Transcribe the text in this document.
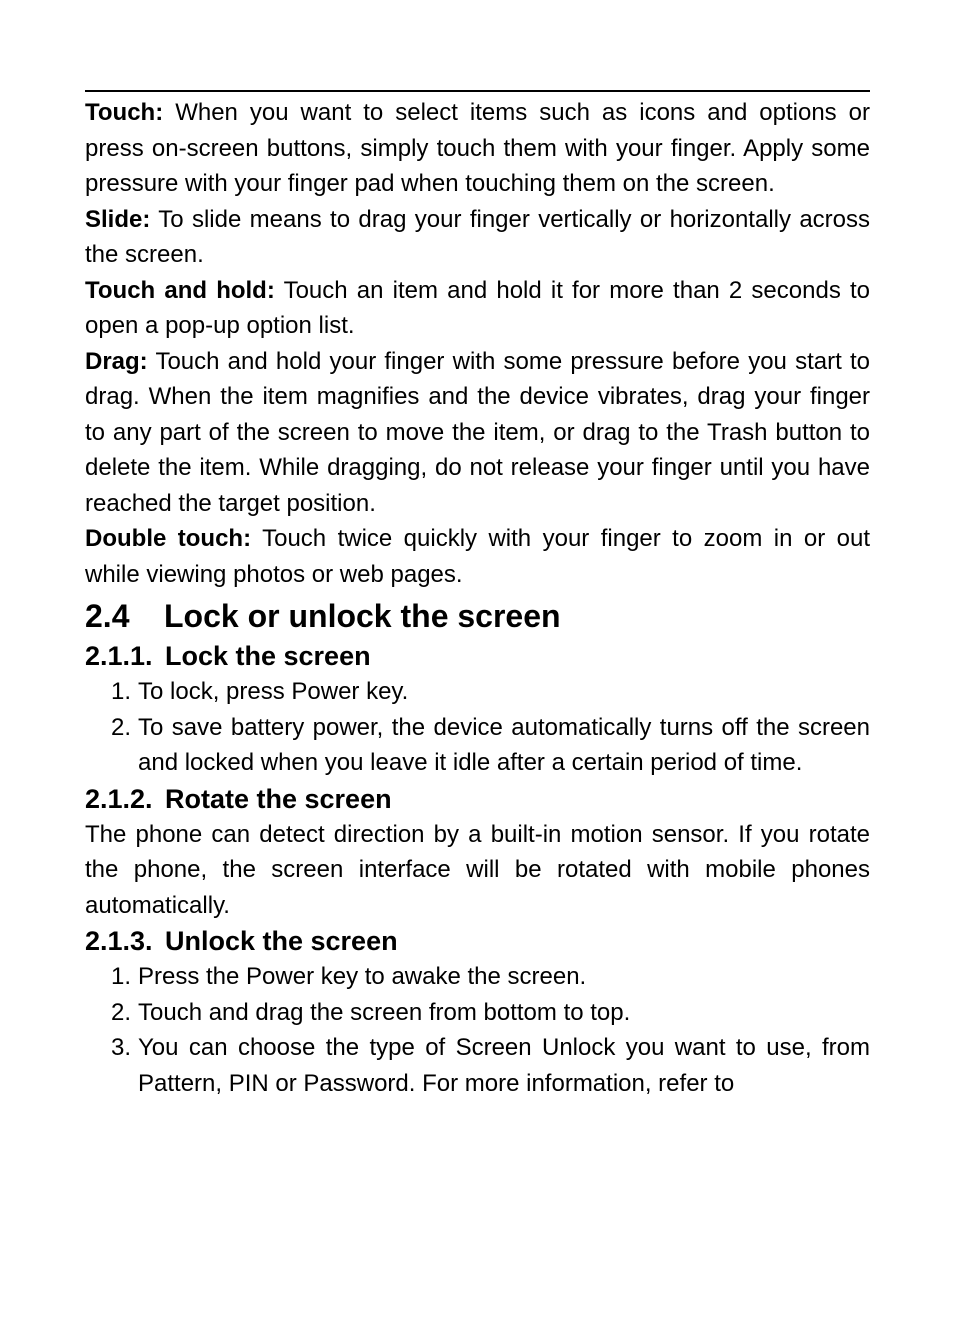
Touch: When you want to select items such as icons and options or press on-screen buttons, simply touch them with your finger. Apply some pressure with your finger pad when touching them on the screen.

Slide: To slide means to drag your finger vertically or horizontally across the screen.

Touch and hold: Touch an item and hold it for more than 2 seconds to open a pop-up option list.

Drag: Touch and hold your finger with some pressure before you start to drag. When the item magnifies and the device vibrates, drag your finger to any part of the screen to move the item, or drag to the Trash button to delete the item. While dragging, do not release your finger until you have reached the target position.

Double touch: Touch twice quickly with your finger to zoom in or out while viewing photos or web pages.

2.4	Lock or unlock the screen
2.1.1. Lock the screen
1. To lock, press Power key.
2. To save battery power, the device automatically turns off the screen and locked when you leave it idle after a certain period of time.
2.1.2. Rotate the screen

The phone can detect direction by a built-in motion sensor. If you rotate the phone, the screen interface will be rotated with mobile phones automatically.

2.1.3. Unlock the screen
1. Press the Power key to awake the screen.
2. Touch and drag the screen from bottom to top.
3. You can choose the type of Screen Unlock you want to use, from Pattern, PIN or Password. For more information, refer to
